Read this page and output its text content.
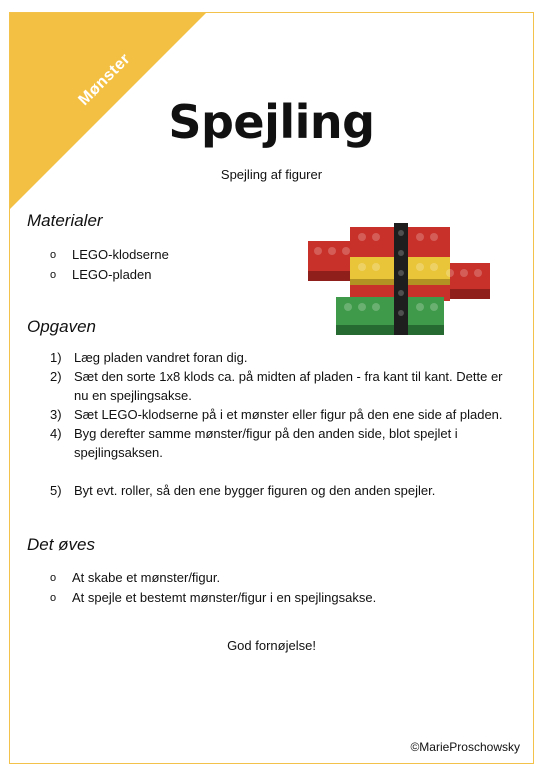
Mønster
Spejling
Spejling af figurer
Materialer
o LEGO-klodserne
o LEGO-pladen
Opgaven
1) Læg pladen vandret foran dig.
2) Sæt den sorte 1x8 klods ca. på midten af pladen - fra kant til kant. Dette er nu en spejlingsakse.
3) Sæt LEGO-klodserne på i et mønster eller figur på den ene side af pladen.
4) Byg derefter samme mønster/figur på den anden side, blot spejlet i spejlingsaksen.
5) Byt evt. roller, så den ene bygger figuren og den anden spejler.
Det øves
o At skabe et mønster/figur.
o At spejle et bestemt mønster/figur i en spejlingsakse.
God fornøjelse!
©MarieProschowsky
